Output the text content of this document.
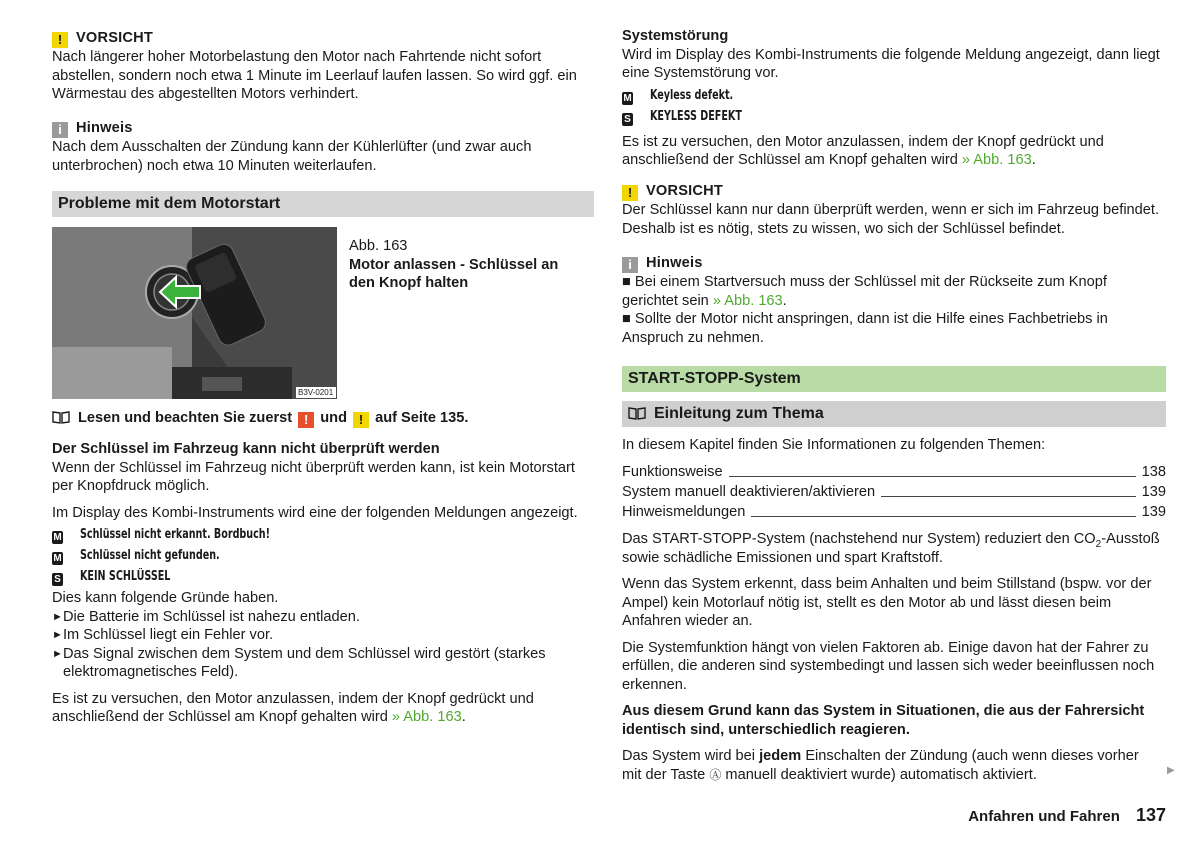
! VORSICHT

Nach längerer hoher Motorbelastung den Motor nach Fahrtende nicht sofort abstellen, sondern noch etwa 1 Minute im Leerlauf laufen lassen. So wird ggf. ein Wärmestau des abgestellten Motors verhindert.

i Hinweis

Nach dem Ausschalten der Zündung kann der Kühlerlüfter (und zwar auch unterbrochen) noch etwa 10 Minuten weiterlaufen.

Probleme mit dem Motorstart
B3V-0201

Abb. 163

Motor anlassen - Schlüssel an den Knopf halten

Lesen und beachten Sie zuerst ! und ! auf Seite 135.

Der Schlüssel im Fahrzeug kann nicht überprüft werden

Wenn der Schlüssel im Fahrzeug nicht überprüft werden kann, ist kein Motorstart per Knopfdruck möglich.

Im Display des Kombi-Instruments wird eine der folgenden Meldungen angezeigt.

M Schlüssel nicht erkannt. Bordbuch!
M Schlüssel nicht gefunden.
S KEIN SCHLÜSSEL

Dies kann folgende Gründe haben.

► Die Batterie im Schlüssel ist nahezu entladen.
► Im Schlüssel liegt ein Fehler vor.
► Das Signal zwischen dem System und dem Schlüssel wird gestört (starkes elektromagnetisches Feld).

Es ist zu versuchen, den Motor anzulassen, indem der Knopf gedrückt und anschließend der Schlüssel am Knopf gehalten wird » Abb. 163.

Systemstörung

Wird im Display des Kombi-Instruments die folgende Meldung angezeigt, dann liegt eine Systemstörung vor.

M Keyless defekt.
S KEYLESS DEFEKT

Es ist zu versuchen, den Motor anzulassen, indem der Knopf gedrückt und anschließend der Schlüssel am Knopf gehalten wird » Abb. 163.

! VORSICHT

Der Schlüssel kann nur dann überprüft werden, wenn er sich im Fahrzeug befindet. Deshalb ist es nötig, stets zu wissen, wo sich der Schlüssel befindet.

i Hinweis

■ Bei einem Startversuch muss der Schlüssel mit der Rückseite zum Knopf gerichtet sein » Abb. 163.

■ Sollte der Motor nicht anspringen, dann ist die Hilfe eines Fachbetriebs in Anspruch zu nehmen.

START-STOPP-System
Einleitung zum Thema

In diesem Kapitel finden Sie Informationen zu folgenden Themen:

Funktionsweise	138
System manuell deaktivieren/aktivieren	139
Hinweismeldungen	139

Das START-STOPP-System (nachstehend nur System) reduziert den $CO_2$-Ausstoß sowie schädliche Emissionen und spart Kraftstoff.

Wenn das System erkennt, dass beim Anhalten und beim Stillstand (bspw. vor der Ampel) kein Motorlauf nötig ist, stellt es den Motor ab und lässt diesen beim Anfahren wieder an.

Die Systemfunktion hängt von vielen Faktoren ab. Einige davon hat der Fahrer zu erfüllen, die anderen sind systembedingt und lassen sich weder beeinflussen noch erkennen.

Aus diesem Grund kann das System in Situationen, die aus der Fahrersicht identisch sind, unterschiedlich reagieren.

Das System wird bei jedem Einschalten der Zündung (auch wenn dieses vorher mit der Taste Ⓐ manuell deaktiviert wurde) automatisch aktiviert.	▶
Anfahren und Fahren 137
